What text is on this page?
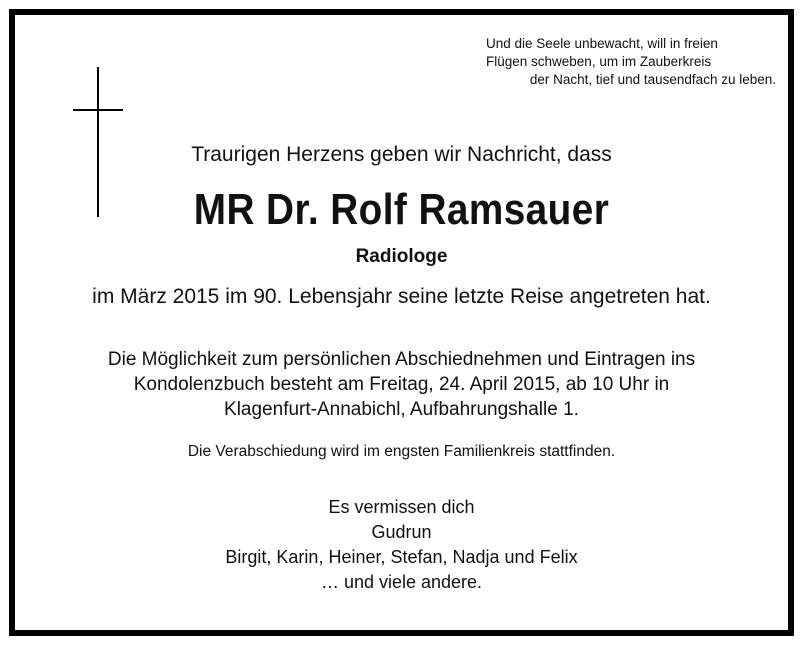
Und die Seele unbewacht, will in freien
Flügen schweben, um im Zauberkreis
der Nacht, tief und tausendfach zu leben.
Traurigen Herzens geben wir Nachricht, dass
MR Dr. Rolf Ramsauer
Radiologe
im März 2015 im 90. Lebensjahr seine letzte Reise angetreten hat.
Die Möglichkeit zum persönlichen Abschiednehmen und Eintragen ins
Kondolenzbuch besteht am Freitag, 24. April 2015, ab 10 Uhr in
Klagenfurt-Annabichl, Aufbahrungshalle 1.
Die Verabschiedung wird im engsten Familienkreis stattfinden.
Es vermissen dich
Gudrun
Birgit, Karin, Heiner, Stefan, Nadja und Felix
… und viele andere.
